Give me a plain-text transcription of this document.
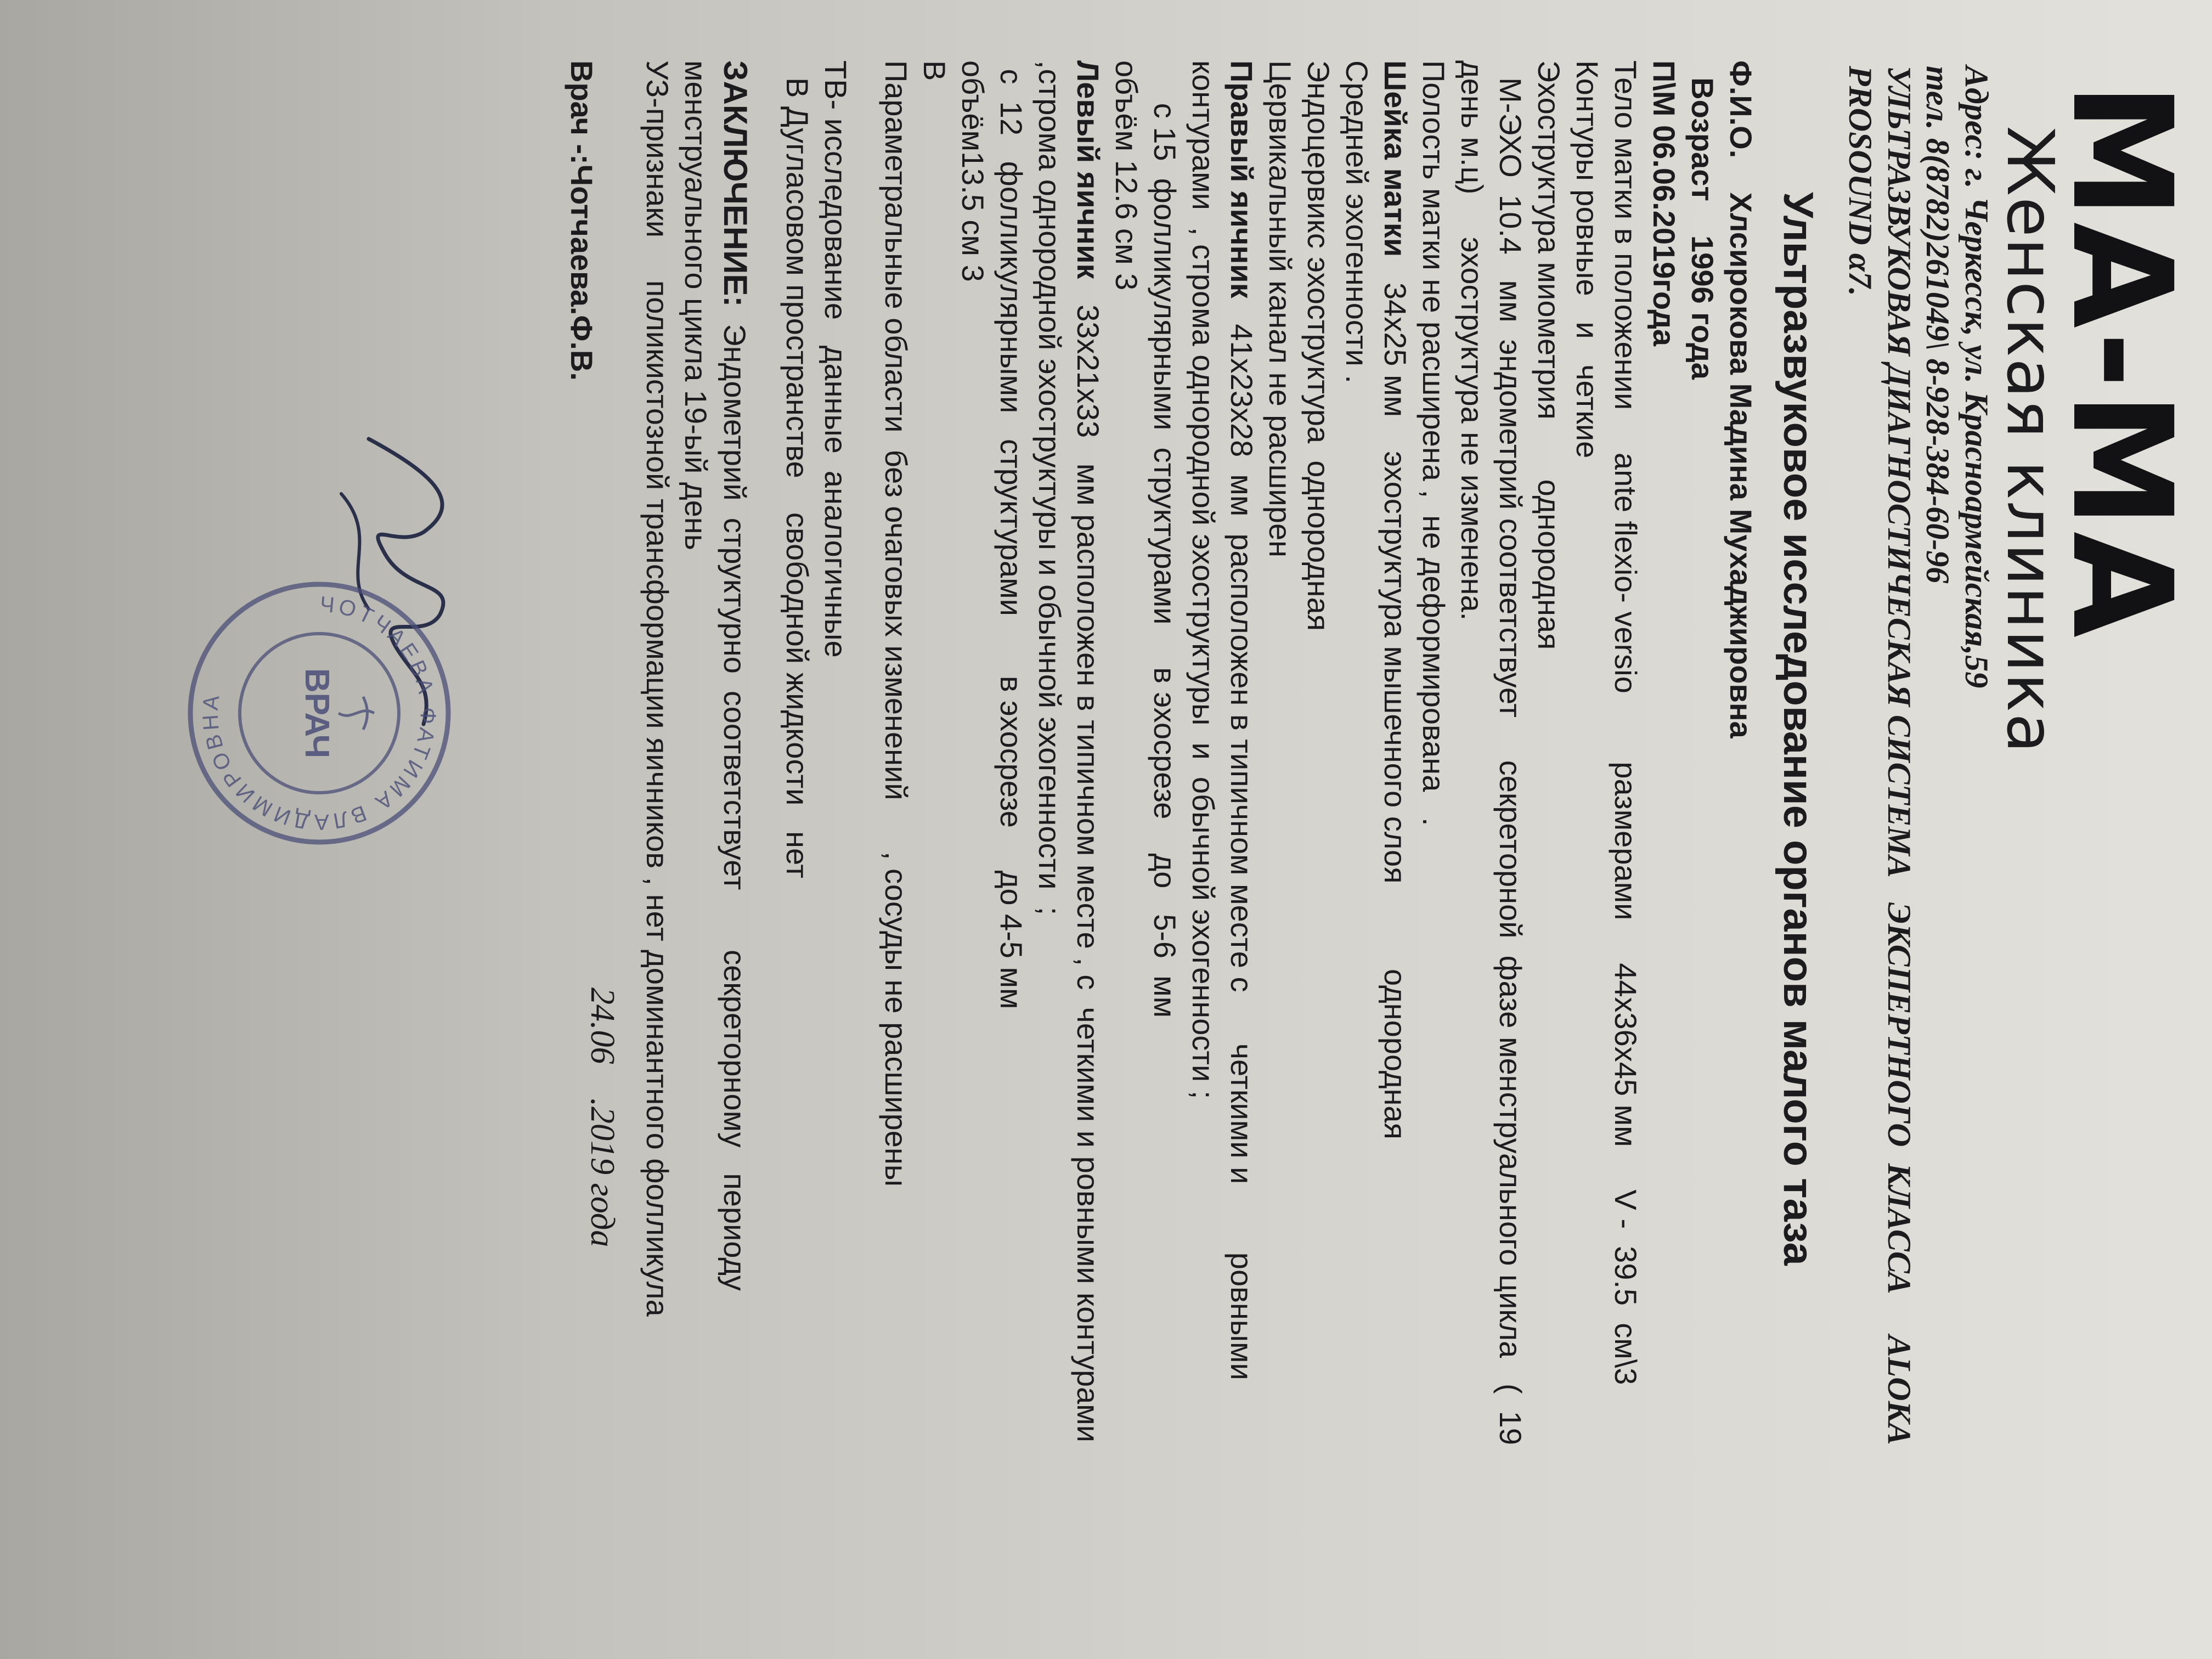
МА-МА
Женская клиника
Адрес: г. Черкесск, ул. Красноармейская,59
тел. 8(8782)261049\ 8-928-384-60-96
УЛЬТРАЗВУКОВАЯ ДИАГНОСТИЧЕСКАЯ СИСТЕМА   ЭКСПЕРТНОГО  КЛАССА     ALOKA
PROSOUND α7.
Ультразвуковое исследование органов малого таза
Ф.И.О.    Хлсирокова Мадина Мухаджировна
Возраст    1996 года
П\М 06.06.2019года
Тело матки в положении     ante flexio- versio        размерами     44х36х45 мм     V -  39.5  см\3
Контуры ровные   и   четкие
Эхоструктура миометрия       однородная
М-ЭХО  10.4   мм  эндометрий соответствует     секреторной  фазе менструального цикла   (  19
день м.ц)     эхоструктура не изменена.
Полость матки не расширена ,  не деформирована   .
Шейка матки   34х25 мм    эхоструктура мышечного слоя          однородная
Средней эхогенности .
Эндоцервикс эхоструктура  однородная
Цервикальный канал не расширен
Правый яичник   41х23х28  мм  расположен в типичном месте с      четкими и        ровными
контурами  , строма однородной эхоструктуры  и  обычной эхогенности ;
с 15  фолликулярными  структурами     в эхосрезе    до   5-6  мм
объём 12.6 см 3
Левый яичник   33х21х33   мм расположен в типичном месте , с  четкими и ровными контурами
,строма однородной эхоструктуры и обычной эхогенности  ;
с  12   фолликулярными   структурами       в эхосрезе     до 4-5 мм
объём13.5 см 3
В
Параметральные области  без очаговых изменений      , сосуды не расширены
ТВ- исследование   данные  аналогичные
В Дугласовом пространстве    свободной жидкости   нет
ЗАКЛЮЧЕНИЕ:  Эндометрий  структурно  соответствует       секреторному   периоду
менструального цикла 19-ый день
УЗ-признаки     поликистозной трансформации яичников , нет доминантного фолликула
Врач -:Чотчаева.Ф.В.
24.06    .2019 года
ЧОТЧАЕВА ФАТИМА ВЛАДИМИРОВНА	ВРАЧ
